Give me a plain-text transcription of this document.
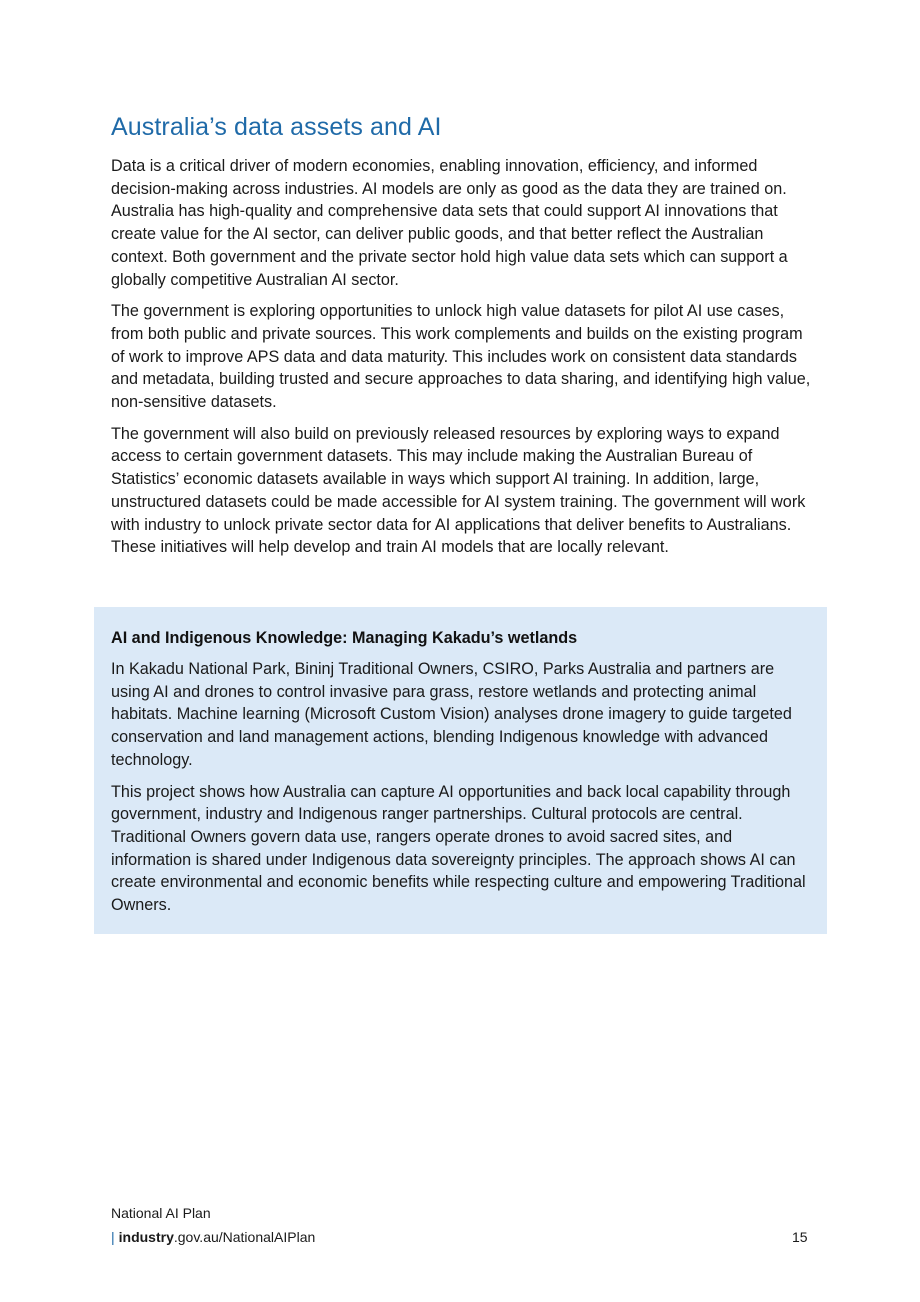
Australia’s data assets and AI

Data is a critical driver of modern economies, enabling innovation, efficiency, and informed decision-making across industries. AI models are only as good as the data they are trained on. Australia has high-quality and comprehensive data sets that could support AI innovations that create value for the AI sector, can deliver public goods, and that better reflect the Australian context. Both government and the private sector hold high value data sets which can support a globally competitive Australian AI sector.

The government is exploring opportunities to unlock high value datasets for pilot AI use cases, from both public and private sources. This work complements and builds on the existing program of work to improve APS data and data maturity. This includes work on consistent data standards and metadata, building trusted and secure approaches to data sharing, and identifying high value, non-sensitive datasets.

The government will also build on previously released resources by exploring ways to expand access to certain government datasets. This may include making the Australian Bureau of Statistics’ economic datasets available in ways which support AI training. In addition, large, unstructured datasets could be made accessible for AI system training. The government will work with industry to unlock private sector data for AI applications that deliver benefits to Australians. These initiatives will help develop and train AI models that are locally relevant.

AI and Indigenous Knowledge: Managing Kakadu’s wetlands

In Kakadu National Park, Bininj Traditional Owners, CSIRO, Parks Australia and partners are using AI and drones to control invasive para grass, restore wetlands and protecting animal habitats. Machine learning (Microsoft Custom Vision) analyses drone imagery to guide targeted conservation and land management actions, blending Indigenous knowledge with advanced technology.

This project shows how Australia can capture AI opportunities and back local capability through government, industry and Indigenous ranger partnerships. Cultural protocols are central. Traditional Owners govern data use, rangers operate drones to avoid sacred sites, and information is shared under Indigenous data sovereignty principles. The approach shows AI can create environmental and economic benefits while respecting culture and empowering Traditional Owners.

National AI Plan
| industry.gov.au/NationalAIPlan	15
